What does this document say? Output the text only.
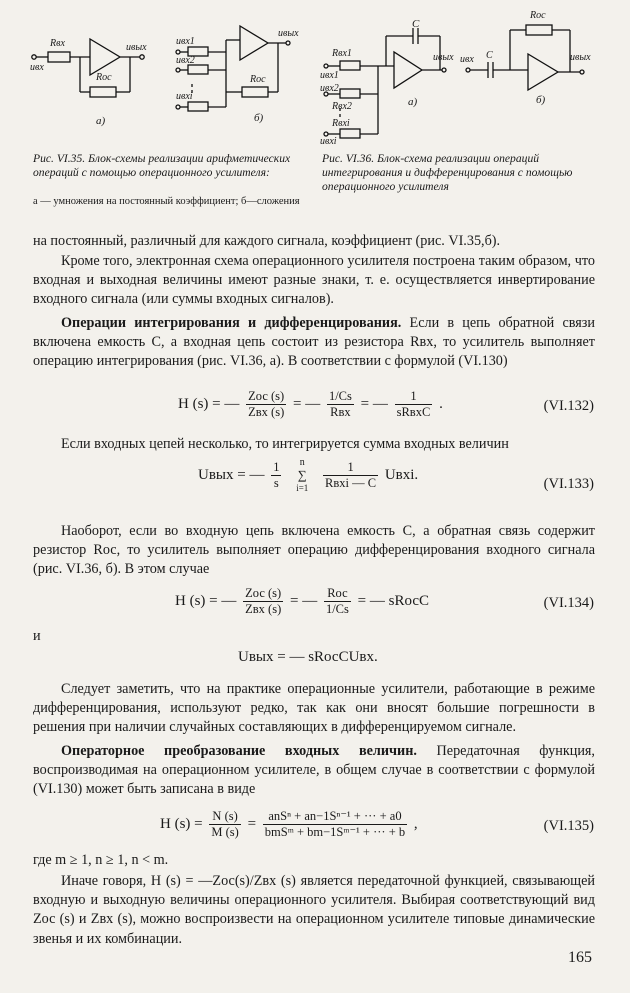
Rвх
uвх
uвых
Rос
uвх1
uвх2
uвхi
uвых
Rос
a)	б)
Рис. VI.35. Блок-схемы реализации арифметических операций с помощью операционного усилителя:
а — умножения на постоянный коэффициент; б—сложения
C
Rвх1
uвх1
Rвх2
uвх2
Rвхi
uвхi
uвых
а)
uвх C
Rос
uвых
б)
Рис. VI.36. Блок-схема реализации операций интегрирования и дифференцирования с помощью операционного усилителя
на постоянный, различный для каждого сигнала, коэффициент (рис. VI.35,б).
Кроме того, электронная схема операционного усилителя построена таким образом, что входная и выходная величины имеют разные знаки, т. е. осуществляется инвертирование входного сигнала (или суммы входных сигналов).
Операции интегрирования и дифференцирования. Если в цепь обратной связи включена емкость C, а входная цепь состоит из резистора Rвх, то усилитель выполняет операцию интегрирования (рис. VI.36, а). В соответствии с формулой (VI.130)
H (s) = — $\frac{\text{Zос (s)}}{\text{Zвх (s)}}$ = — $\frac{1/Cs}{\text{Rвх}}$ = — $\frac{1}{\text{sRвхC}}$ .	(VI.132)
Если входных цепей несколько, то интегрируется сумма входных величин
Uвых = — $\frac{1}{s}$
	n
∑
i=1
$\frac{1}{\text{Rвхi — C}}$ Uвхi.
(VI.133)
Наоборот, если во входную цепь включена емкость C, а обратная связь содержит резистор Rос, то усилитель выполняет операцию дифференцирования входного сигнала (рис. VI.36, б). В этом случае
H (s) = — $\frac{\text{Zос (s)}}{\text{Zвх (s)}}$ = — $\frac{\text{Rос}}{1/Cs}$ = — sRосC	(VI.134)
и
Uвых = — sRосCUвх.
Следует заметить, что на практике операционные усилители, работающие в режиме дифференцирования, используют редко, так как они вносят большие погрешности в решения при наличии случайных составляющих в дифференцируемом сигнале.
Операторное преобразование входных величин. Передаточная функция, воспроизводимая на операционном усилителе, в общем случае в соответствии с формулой (VI.130) может быть записана в виде
H $(s) = \frac{N (s)}{M (s)} = \frac{\text{anSⁿ + an−1Sⁿ⁻¹ + ··· + a0}}{\text{bmSᵐ + bm−1Sᵐ⁻¹ + ··· + b}}$ ,	(VI.135)
где m ≥ 1, n ≥ 1, n < m.
Иначе говоря, H (s) = —Zос(s)/Zвх (s) является передаточной функцией, связывающей входную и выходную величины операционного усилителя. Выбирая соответствующий вид Zос (s) и Zвх (s), можно воспроизвести на операционном усилителе типовые динамические звенья и их комбинации.
165
